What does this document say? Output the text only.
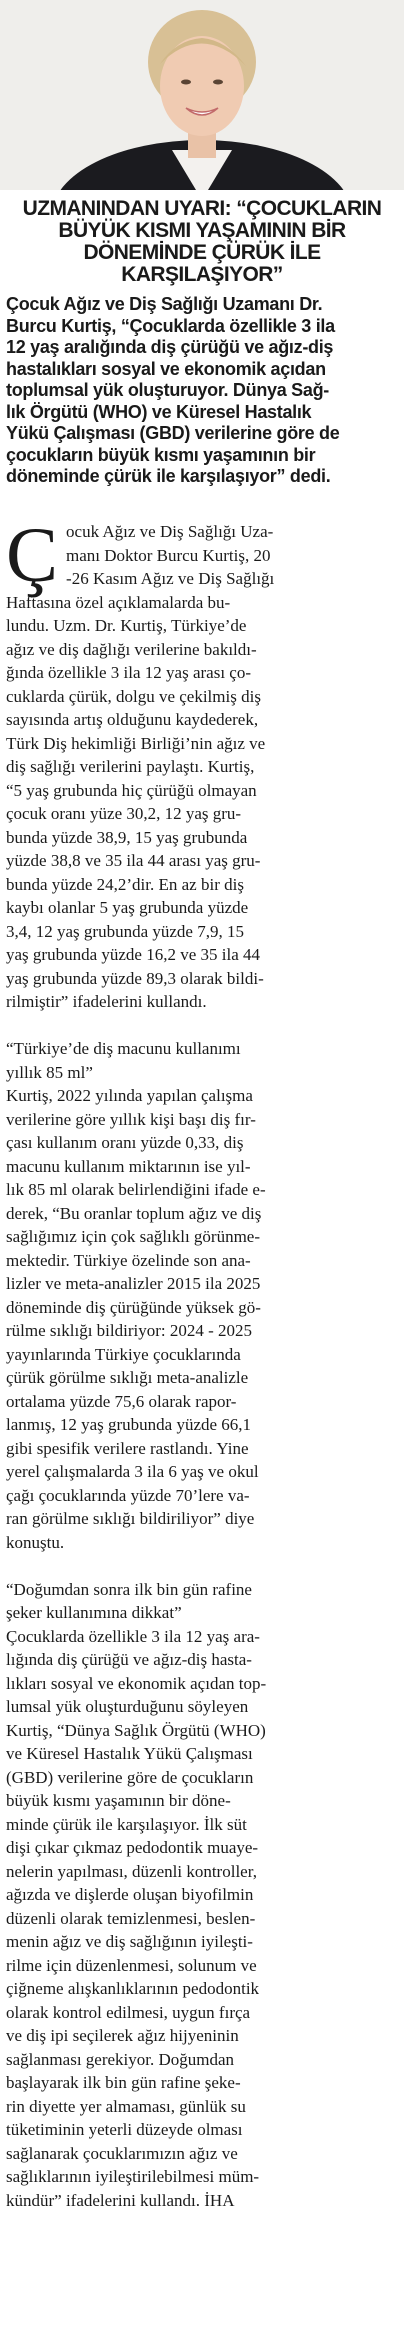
UZMANINDAN UYARI: “ÇOCUKLARIN
BÜYÜK KISMI YAŞAMININ BİR
DÖNEMİNDE ÇÜRÜK İLE KARŞILAŞIYOR”

Çocuk Ağız ve Diş Sağlığı Uzamanı Dr.
Burcu Kurtiş, “Çocuklarda özellikle 3 ila
12 yaş aralığında diş çürüğü ve ağız-diş
hastalıkları sosyal ve ekonomik açıdan
toplumsal yük oluşturuyor. Dünya Sağ-
lık Örgütü (WHO) ve Küresel Hastalık
Yükü Çalışması (GBD) verilerine göre de
çocukların büyük kısmı yaşamının bir
döneminde çürük ile karşılaşıyor” dedi.

Çocuk Ağız ve Diş Sağlığı Uza-
manı Doktor Burcu Kurtiş, 20
-26 Kasım Ağız ve Diş Sağlığı
Haftasına özel açıklamalarda bu-
lundu. Uzm. Dr. Kurtiş, Türkiye’de
ağız ve diş dağlığı verilerine bakıldı-
ğında özellikle 3 ila 12 yaş arası ço-
cuklarda çürük, dolgu ve çekilmiş diş
sayısında artış olduğunu kaydederek,
Türk Diş hekimliği Birliği’nin ağız ve
diş sağlığı verilerini paylaştı. Kurtiş,
“5 yaş grubunda hiç çürüğü olmayan
çocuk oranı yüze 30,2, 12 yaş gru-
bunda yüzde 38,9, 15 yaş grubunda
yüzde 38,8 ve 35 ila 44 arası yaş gru-
bunda yüzde 24,2’dir. En az bir diş
kaybı olanlar 5 yaş grubunda yüzde
3,4, 12 yaş grubunda yüzde 7,9, 15
yaş grubunda yüzde 16,2 ve 35 ila 44
yaş grubunda yüzde 89,3 olarak bildi-
rilmiştir” ifadelerini kullandı.

“Türkiye’de diş macunu kullanımı
yıllık 85 ml”
Kurtiş, 2022 yılında yapılan çalışma
verilerine göre yıllık kişi başı diş fır-
çası kullanım oranı yüzde 0,33, diş
macunu kullanım miktarının ise yıl-
lık 85 ml olarak belirlendiğini ifade e-
derek, “Bu oranlar toplum ağız ve diş
sağlığımız için çok sağlıklı görünme-
mektedir. Türkiye özelinde son ana-
lizler ve meta-analizler 2015 ila 2025
döneminde diş çürüğünde yüksek gö-
rülme sıklığı bildiriyor: 2024 - 2025
yayınlarında Türkiye çocuklarında
çürük görülme sıklığı meta-analizle
ortalama yüzde 75,6 olarak rapor-
lanmış, 12 yaş grubunda yüzde 66,1
gibi spesifik verilere rastlandı. Yine
yerel çalışmalarda 3 ila 6 yaş ve okul
çağı çocuklarında yüzde 70’lere va-
ran görülme sıklığı bildiriliyor” diye
konuştu.

“Doğumdan sonra ilk bin gün rafine
şeker kullanımına dikkat”
Çocuklarda özellikle 3 ila 12 yaş ara-
lığında diş çürüğü ve ağız-diş hasta-
lıkları sosyal ve ekonomik açıdan top-
lumsal yük oluşturduğunu söyleyen
Kurtiş, “Dünya Sağlık Örgütü (WHO)
ve Küresel Hastalık Yükü Çalışması
(GBD) verilerine göre de çocukların
büyük kısmı yaşamının bir döne-
minde çürük ile karşılaşıyor. İlk süt
dişi çıkar çıkmaz pedodontik muaye-
nelerin yapılması, düzenli kontroller,
ağızda ve dişlerde oluşan biyofilmin
düzenli olarak temizlenmesi, beslen-
menin ağız ve diş sağlığının iyileşti-
rilme için düzenlenmesi, solunum ve
çiğneme alışkanlıklarının pedodontik
olarak kontrol edilmesi, uygun fırça
ve diş ipi seçilerek ağız hijyeninin
sağlanması gerekiyor. Doğumdan
başlayarak ilk bin gün rafine şeke-
rin diyette yer almaması, günlük su
tüketiminin yeterli düzeyde olması
sağlanarak çocuklarımızın ağız ve
sağlıklarının iyileştirilebilmesi müm-
kündür” ifadelerini kullandı. İHA
